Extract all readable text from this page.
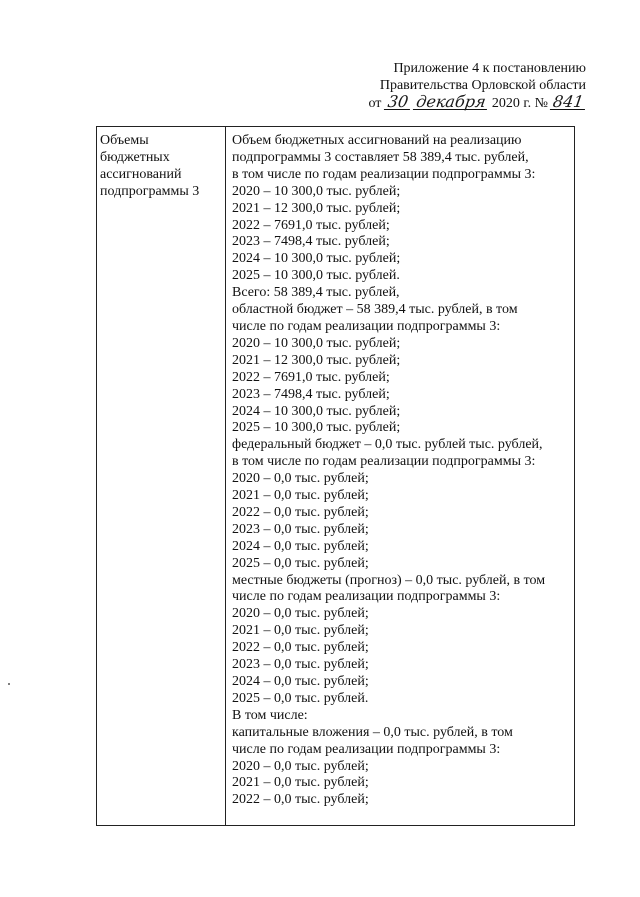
Приложение 4 к постановлению
Правительства Орловской области
от 30 декабря 2020 г. № 841
Объемы
бюджетных
ассигнований
подпрограммы 3
Объем бюджетных ассигнований на реализацию
подпрограммы 3 составляет 58 389,4 тыс. рублей,
в том числе по годам реализации подпрограммы 3:
2020 – 10 300,0 тыс. рублей;
2021 – 12 300,0 тыс. рублей;
2022 – 7691,0 тыс. рублей;
2023 – 7498,4 тыс. рублей;
2024 – 10 300,0 тыс. рублей;
2025 – 10 300,0 тыс. рублей.
Всего: 58 389,4 тыс. рублей,
областной бюджет – 58 389,4 тыс. рублей, в том
числе по годам реализации подпрограммы 3:
2020 – 10 300,0 тыс. рублей;
2021 – 12 300,0 тыс. рублей;
2022 – 7691,0 тыс. рублей;
2023 – 7498,4 тыс. рублей;
2024 – 10 300,0 тыс. рублей;
2025 – 10 300,0 тыс. рублей;
федеральный бюджет – 0,0 тыс. рублей тыс. рублей,
в том числе по годам реализации подпрограммы 3:
2020 – 0,0 тыс. рублей;
2021 – 0,0 тыс. рублей;
2022 – 0,0 тыс. рублей;
2023 – 0,0 тыс. рублей;
2024 – 0,0 тыс. рублей;
2025 – 0,0 тыс. рублей;
местные бюджеты (прогноз) – 0,0 тыс. рублей, в том
числе по годам реализации подпрограммы 3:
2020 – 0,0 тыс. рублей;
2021 – 0,0 тыс. рублей;
2022 – 0,0 тыс. рублей;
2023 – 0,0 тыс. рублей;
2024 – 0,0 тыс. рублей;
2025 – 0,0 тыс. рублей.
В том числе:
капитальные вложения – 0,0 тыс. рублей, в том
числе по годам реализации подпрограммы 3:
2020 – 0,0 тыс. рублей;
2021 – 0,0 тыс. рублей;
2022 – 0,0 тыс. рублей;
